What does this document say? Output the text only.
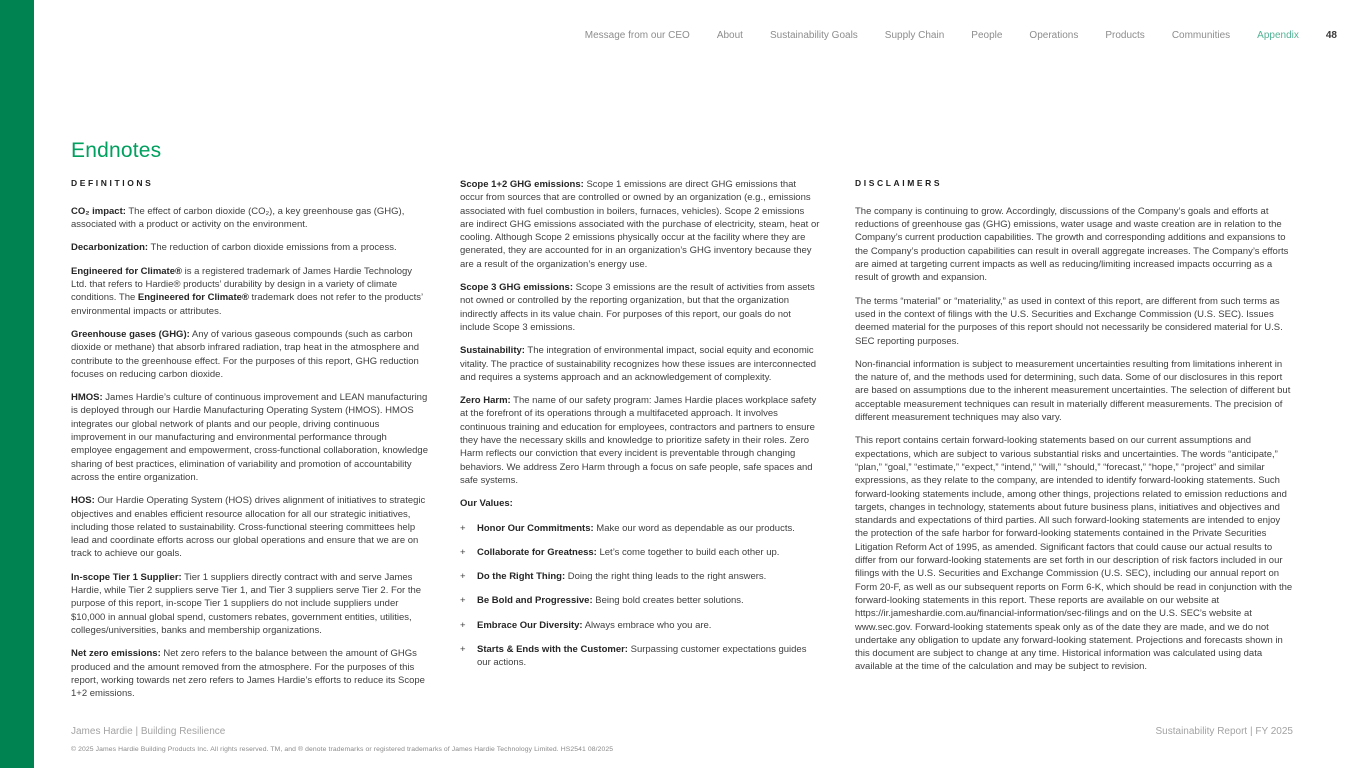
Message from our CEO	About	Sustainability Goals	Supply Chain	People	Operations	Products	Communities	Appendix	48
Endnotes
DEFINITIONS

CO₂ impact: The effect of carbon dioxide (CO₂), a key greenhouse gas (GHG), associated with a product or activity on the environment.

Decarbonization: The reduction of carbon dioxide emissions from a process.

Engineered for Climate® is a registered trademark of James Hardie Technology Ltd. that refers to Hardie® products’ durability by design in a variety of climate conditions. The Engineered for Climate® trademark does not refer to the products’ environmental impacts or attributes.

Greenhouse gases (GHG): Any of various gaseous compounds (such as carbon dioxide or methane) that absorb infrared radiation, trap heat in the atmosphere and contribute to the greenhouse effect. For the purposes of this report, GHG reduction focuses on reducing carbon dioxide.

HMOS: James Hardie’s culture of continuous improvement and LEAN manufacturing is deployed through our Hardie Manufacturing Operating System (HMOS). HMOS integrates our global network of plants and our people, driving continuous improvement in our manufacturing and environmental performance through employee engagement and empowerment, cross-functional collaboration, knowledge sharing of best practices, elimination of variability and promotion of accountability across the entire organization.

HOS: Our Hardie Operating System (HOS) drives alignment of initiatives to strategic objectives and enables efficient resource allocation for all our strategic initiatives, including those related to sustainability. Cross-functional steering committees help lead and coordinate efforts across our global operations and ensure that we are on track to achieve our goals.

In-scope Tier 1 Supplier: Tier 1 suppliers directly contract with and serve James Hardie, while Tier 2 suppliers serve Tier 1, and Tier 3 suppliers serve Tier 2. For the purpose of this report, in-scope Tier 1 suppliers do not include suppliers under $10,000 in annual global spend, customers rebates, government entities, utilities, colleges/universities, banks and membership organizations.

Net zero emissions: Net zero refers to the balance between the amount of GHGs produced and the amount removed from the atmosphere. For the purposes of this report, working towards net zero refers to James Hardie’s efforts to reduce its Scope 1+2 emissions.

Scope 1+2 GHG emissions: Scope 1 emissions are direct GHG emissions that occur from sources that are controlled or owned by an organization (e.g., emissions associated with fuel combustion in boilers, furnaces, vehicles). Scope 2 emissions are indirect GHG emissions associated with the purchase of electricity, steam, heat or cooling. Although Scope 2 emissions physically occur at the facility where they are generated, they are accounted for in an organization’s GHG inventory because they are a result of the organization’s energy use.

Scope 3 GHG emissions: Scope 3 emissions are the result of activities from assets not owned or controlled by the reporting organization, but that the organization indirectly affects in its value chain. For purposes of this report, our goals do not include Scope 3 emissions.

Sustainability: The integration of environmental impact, social equity and economic vitality. The practice of sustainability recognizes how these issues are interconnected and requires a systems approach and an acknowledgement of complexity.

Zero Harm: The name of our safety program: James Hardie places workplace safety at the forefront of its operations through a multifaceted approach. It involves continuous training and education for employees, contractors and partners to ensure they have the necessary skills and knowledge to prioritize safety in their roles. Zero Harm reflects our conviction that every incident is preventable through changing behaviors. We address Zero Harm through a focus on safe people, safe spaces and safe systems.

Our Values:
+	Honor Our Commitments: Make our word as dependable as our products.
+	Collaborate for Greatness: Let’s come together to build each other up.
+	Do the Right Thing: Doing the right thing leads to the right answers.
+	Be Bold and Progressive: Being bold creates better solutions.
+	Embrace Our Diversity: Always embrace who you are.
+	Starts & Ends with the Customer: Surpassing customer expectations guides our actions.
DISCLAIMERS

The company is continuing to grow. Accordingly, discussions of the Company’s goals and efforts at reductions of greenhouse gas (GHG) emissions, water usage and waste creation are in relation to the Company’s current production capabilities. The growth and corresponding additions and expansions to the Company’s production capabilities can result in overall aggregate increases. The Company’s efforts are aimed at targeting current impacts as well as reducing/limiting increased impacts occurring as a result of growth and expansion.

The terms “material” or “materiality,” as used in context of this report, are different from such terms as used in the context of filings with the U.S. Securities and Exchange Commission (U.S. SEC). Issues deemed material for the purposes of this report should not necessarily be considered material for U.S. SEC reporting purposes.

Non-financial information is subject to measurement uncertainties resulting from limitations inherent in the nature of, and the methods used for determining, such data. Some of our disclosures in this report are based on assumptions due to the inherent measurement uncertainties. The selection of different but acceptable measurement techniques can result in materially different measurements. The precision of different measurement techniques may also vary.

This report contains certain forward-looking statements based on our current assumptions and expectations, which are subject to various substantial risks and uncertainties. The words “anticipate,” “plan,” “goal,” “estimate,” “expect,” “intend,” “will,” “should,” “forecast,” “hope,” “project” and similar expressions, as they relate to the company, are intended to identify forward-looking statements. Such forward-looking statements include, among other things, projections related to emission reductions and targets, changes in technology, statements about future business plans, initiatives and objectives and standards and expectations of third parties. All such forward-looking statements are intended to enjoy the protection of the safe harbor for forward-looking statements contained in the Private Securities Litigation Reform Act of 1995, as amended. Significant factors that could cause our actual results to differ from our forward-looking statements are set forth in our description of risk factors included in our filings with the U.S. Securities and Exchange Commission (U.S. SEC), including our annual report on Form 20-F, as well as our subsequent reports on Form 6-K, which should be read in conjunction with the forward-looking statements in this report. These reports are available on our website at https://ir.jameshardie.com.au/financial-information/sec-filings and on the U.S. SEC’s website at www.sec.gov. Forward-looking statements speak only as of the date they are made, and we do not undertake any obligation to update any forward-looking statement. Projections and forecasts shown in this document are subject to change at any time. Historical information was calculated using data available at the time of the calculation and may be subject to revision.

James Hardie | Building Resilience	Sustainability Report | FY 2025
© 2025 James Hardie Building Products Inc. All rights reserved. TM, and ® denote trademarks or registered trademarks of James Hardie Technology Limited. HS2541 08/2025
